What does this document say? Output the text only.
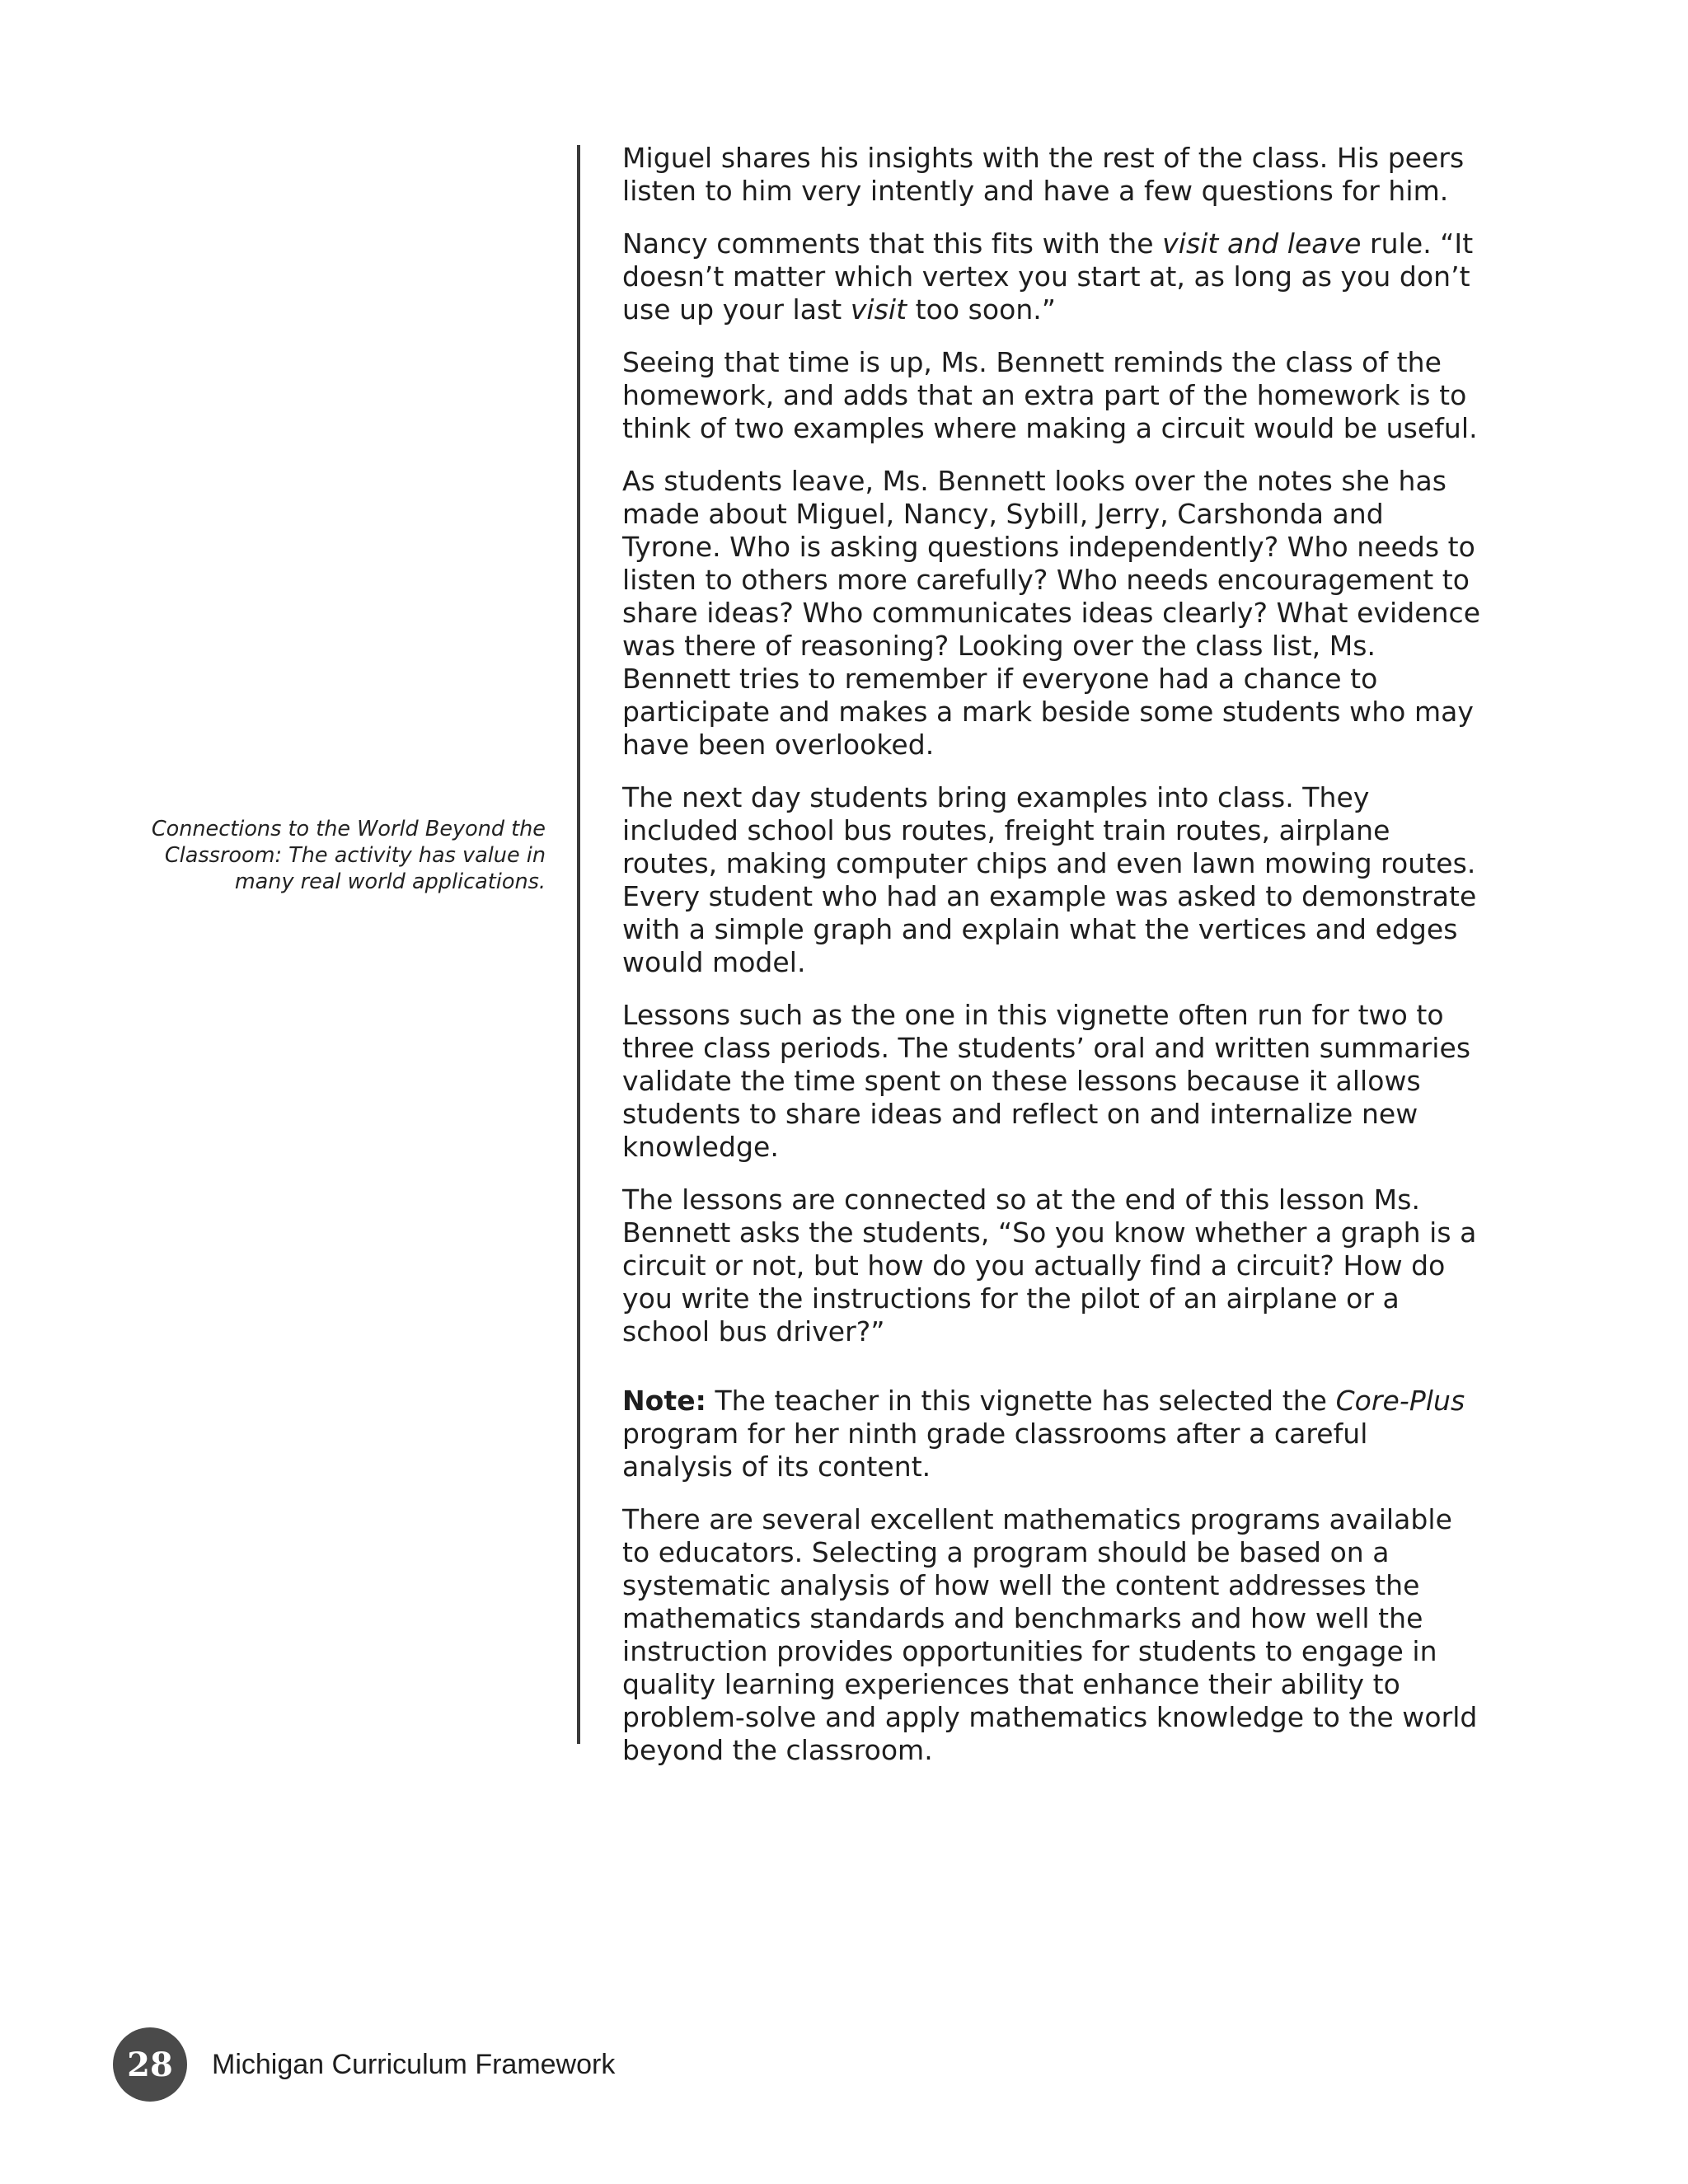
Connections to the World Beyond the Classroom: The activity has value in many real world applications.

Miguel shares his insights with the rest of the class. His peers listen to him very intently and have a few questions for him.

Nancy comments that this fits with the visit and leave rule. “It doesn’t matter which vertex you start at, as long as you don’t use up your last visit too soon.”

Seeing that time is up, Ms. Bennett reminds the class of the homework, and adds that an extra part of the homework is to think of two examples where making a circuit would be useful.

As students leave, Ms. Bennett looks over the notes she has made about Miguel, Nancy, Sybill, Jerry, Carshonda and Tyrone. Who is asking questions independently? Who needs to listen to others more carefully? Who needs encouragement to share ideas? Who communicates ideas clearly? What evidence was there of reasoning? Looking over the class list, Ms. Bennett tries to remember if everyone had a chance to participate and makes a mark beside some students who may have been overlooked.

The next day students bring examples into class. They included school bus routes, freight train routes, airplane routes, making computer chips and even lawn mowing routes. Every student who had an example was asked to demonstrate with a simple graph and explain what the vertices and edges would model.

Lessons such as the one in this vignette often run for two to three class periods. The students’ oral and written summaries validate the time spent on these lessons because it allows students to share ideas and reflect on and internalize new knowledge.

The lessons are connected so at the end of this lesson Ms. Bennett asks the students, “So you know whether a graph is a circuit or not, but how do you actually find a circuit? How do you write the instructions for the pilot of an airplane or a school bus driver?”

Note: The teacher in this vignette has selected the Core-Plus program for her ninth grade classrooms after a careful analysis of its content.

There are several excellent mathematics programs available to educators. Selecting a program should be based on a systematic analysis of how well the content addresses the mathematics standards and benchmarks and how well the instruction provides opportunities for students to engage in quality learning experiences that enhance their ability to problem-solve and apply mathematics knowledge to the world beyond the classroom.

28	Michigan Curriculum Framework
